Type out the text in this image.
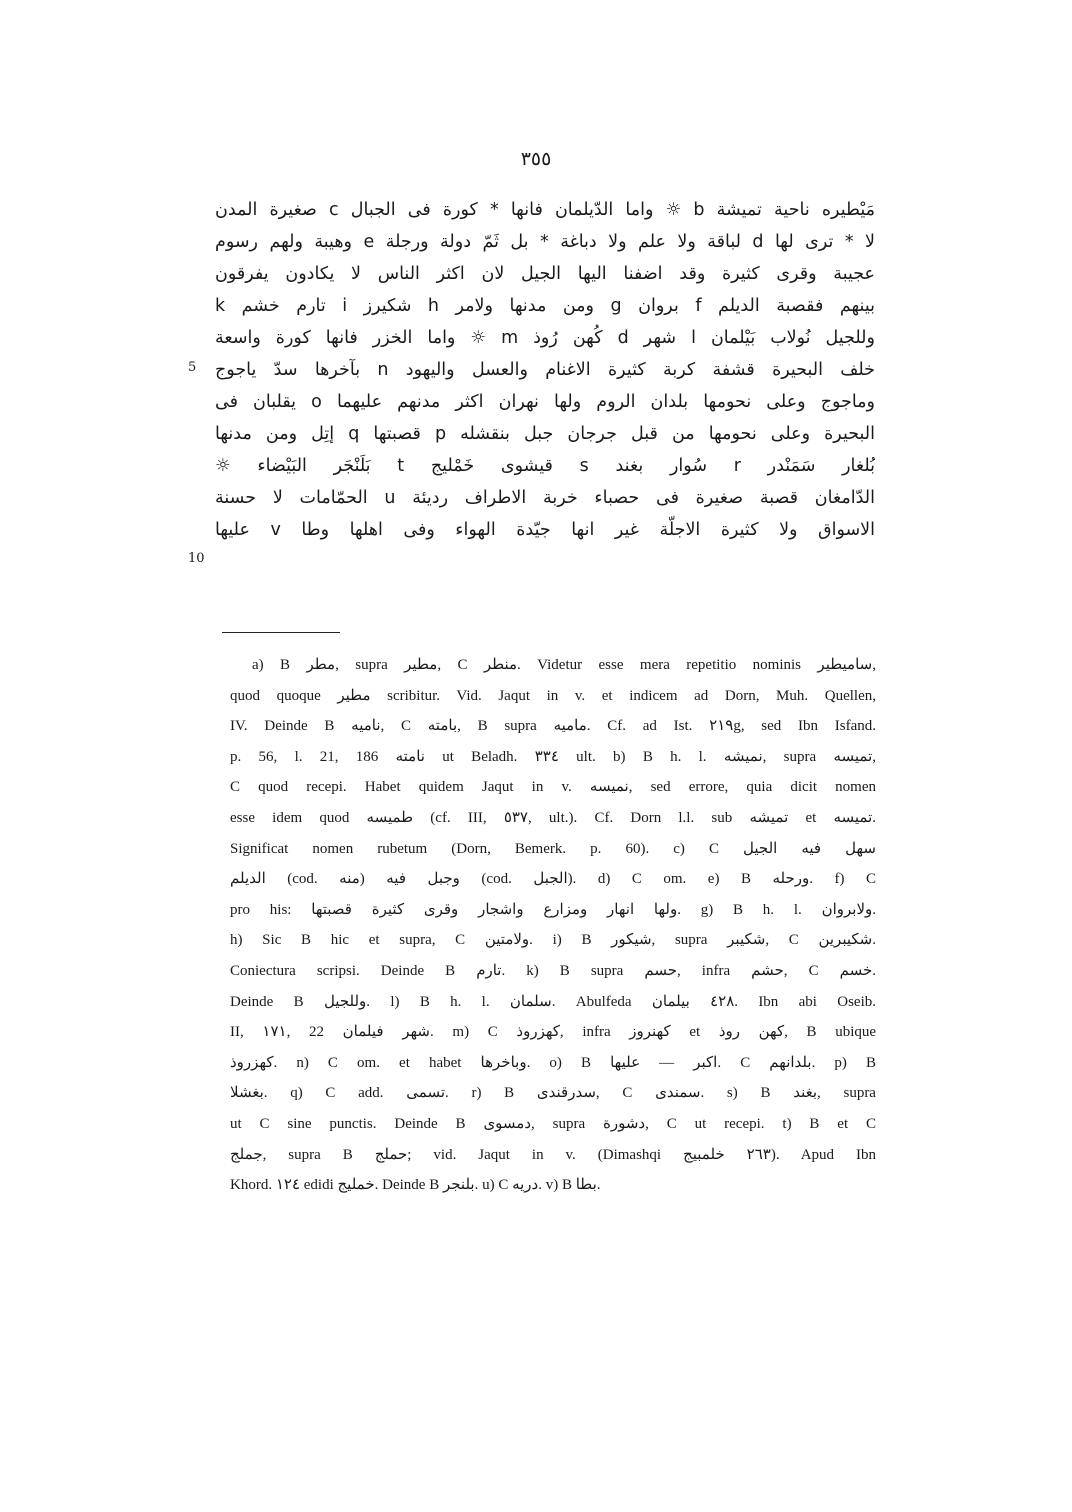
٣٥٥
مَيْطيره ناحية تميشة b ☼ واما الدّيلمان فانها * كورة فى الجبال c صغيرة المدن
لا * ترى لها d لباقة ولا علم ولا دباغة * بل ثَمّ دولة ورجلة e وهيبة ولهم رسوم
عجيبة وقرى كثيرة وقد اضفنا اليها الجيل لان اكثر الناس لا يكادون يفرقون
بينهم فقصبة الديلم f بروان g ومن مدنها ولامر h شكيرز i تارم خشم k
وللجيل نُولاب بَيْلمان l شهر d كُهن رُوذ m ☼ واما الخزر فانها كورة واسعة
خلف البحيرة قشفة كربة كثيرة الاغنام والعسل واليهود n بآخرها سدّ ياجوج
وماجوج وعلى نحومها بلدان الروم ولها نهران اكثر مدنهم عليهما o يقلبان فى
البحيرة وعلى نحومها من قبل جرجان جبل بنقشله p قصبتها q إتِل ومن مدنها
بُلغار سَمَنْدر r سُوار بغند s قيشوى خَمْليج t بَلَنْجَر البَيْضاء ☼
الدّامغان قصبة صغيرة فى حصباء خربة الاطراف رديئة u الحمّامات لا حسنة
الاسواق ولا كثيرة الاجلّة غير انها جيّدة الهواء وفى اهلها وطا v عليها
5
10
a) B مطر, supra مطير, C منطر. Videtur esse mera repetitio nominis ساميطير,
quod quoque مطير scribitur. Vid. Jaqut in v. et indicem ad Dorn, Muh. Quellen,
IV. Deinde B ناميه, C بامته, B supra ماميه. Cf. ad Ist. ٢١٩g, sed Ibn Isfand.
p. 56, l. 21, 186 نامته ut Beladh. ٣٣٤ ult. b) B h. l. نميشه, supra تميسه,
C quod recepi. Habet quidem Jaqut in v. نميسه, sed errore, quia dicit nomen
esse idem quod طميسه (cf. III, ٥٣٧, ult.). Cf. Dorn l.l. sub تميشه et تميسه.
Significat nomen rubetum (Dorn, Bemerk. p. 60). c) C سهل فيه الجيل
الديلم (cod. منه) وجبل فيه (cod. الجبل). d) C om. e) B ورحله. f) C
pro his: ولها انهار ومزارع واشجار وقرى كثيرة قصبتها. g) B h. l. ولابروان.
h) Sic B hic et supra, C ولامتين. i) B شيكور, supra شكيبر, C شكيبرين.
Coniectura scripsi. Deinde B تارم. k) B supra حسم, infra حشم, C خسم.
Deinde B وللجيل. l) B h. l. سلمان. Abulfeda ٤٢٨ بيلمان. Ibn abi Oseib.
II, ١٧١, 22 شهر فيلمان. m) C كهزروذ, infra كهنروز et كهن روذ, B ubique
كهزروذ. n) C om. et habet وباخرها. o) B اكبر — عليها. C بلدانهم. p) B
بغشلا. q) C add. تسمى. r) B سدرقندى, C سمندى. s) B بغند, supra
ut C sine punctis. Deinde B دمسوى, supra دشورة, C ut recepi. t) B et C
جملج, supra B حملج; vid. Jaqut in v. (Dimashqi ٢٦٣ خلمبيج). Apud Ibn
Khord. ١٢٤ edidi خمليج. Deinde B بلنجر. u) C دريه. v) B بطا.
